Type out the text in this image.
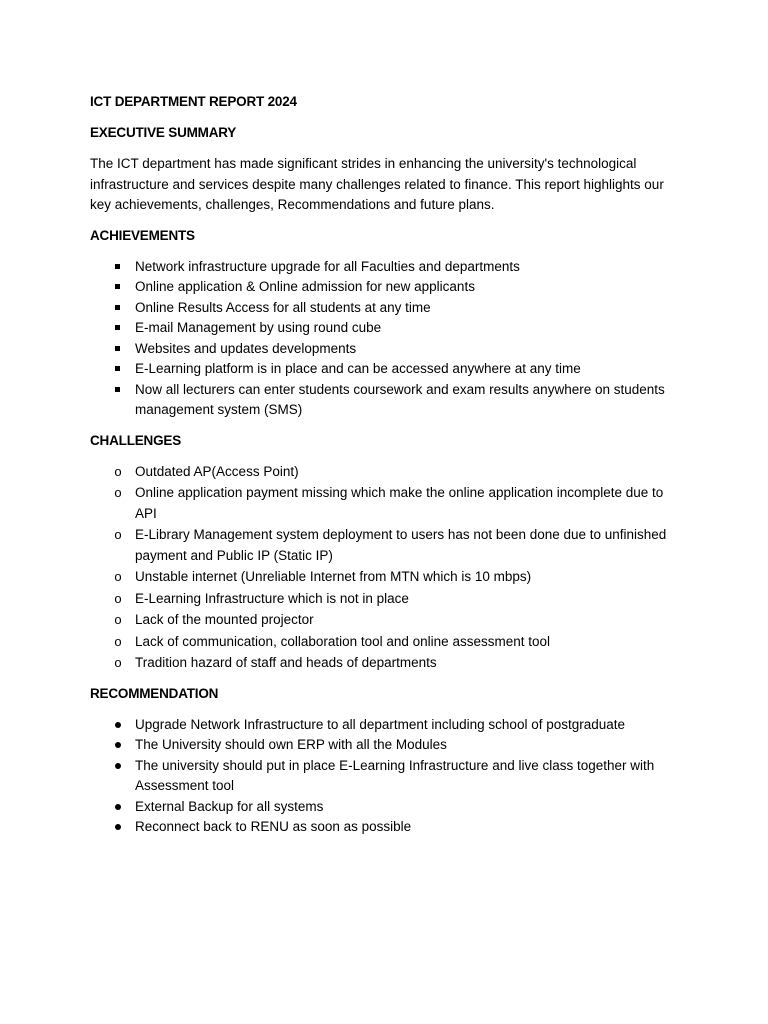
ICT DEPARTMENT REPORT 2024
EXECUTIVE SUMMARY

The ICT department has made significant strides in enhancing the university's technological infrastructure and services despite many challenges related to finance. This report highlights our key achievements, challenges, Recommendations and future plans.

ACHIEVEMENTS
Network infrastructure upgrade for all Faculties and departments
Online application & Online admission for new applicants
Online Results Access for all students at any time
E-mail Management by using round cube
Websites and updates developments
E-Learning platform is in place and can be accessed anywhere at any time
Now all lecturers can enter students coursework and exam results anywhere on students management system (SMS)
CHALLENGES
o Outdated AP(Access Point)
o Online application payment missing which make the online application incomplete due to API
o E-Library Management system deployment to users has not been done due to unfinished payment and Public IP (Static IP)
o Unstable internet (Unreliable Internet from MTN which is 10 mbps)
o E-Learning Infrastructure which is not in place
o Lack of the mounted projector
o Lack of communication, collaboration tool and online assessment tool
o Tradition hazard of staff and heads of departments
RECOMMENDATION
Upgrade Network Infrastructure to all department including school of postgraduate
The University should own ERP with all the Modules
The university should put in place E-Learning Infrastructure and live class together with Assessment tool
External Backup for all systems
Reconnect back to RENU as soon as possible
